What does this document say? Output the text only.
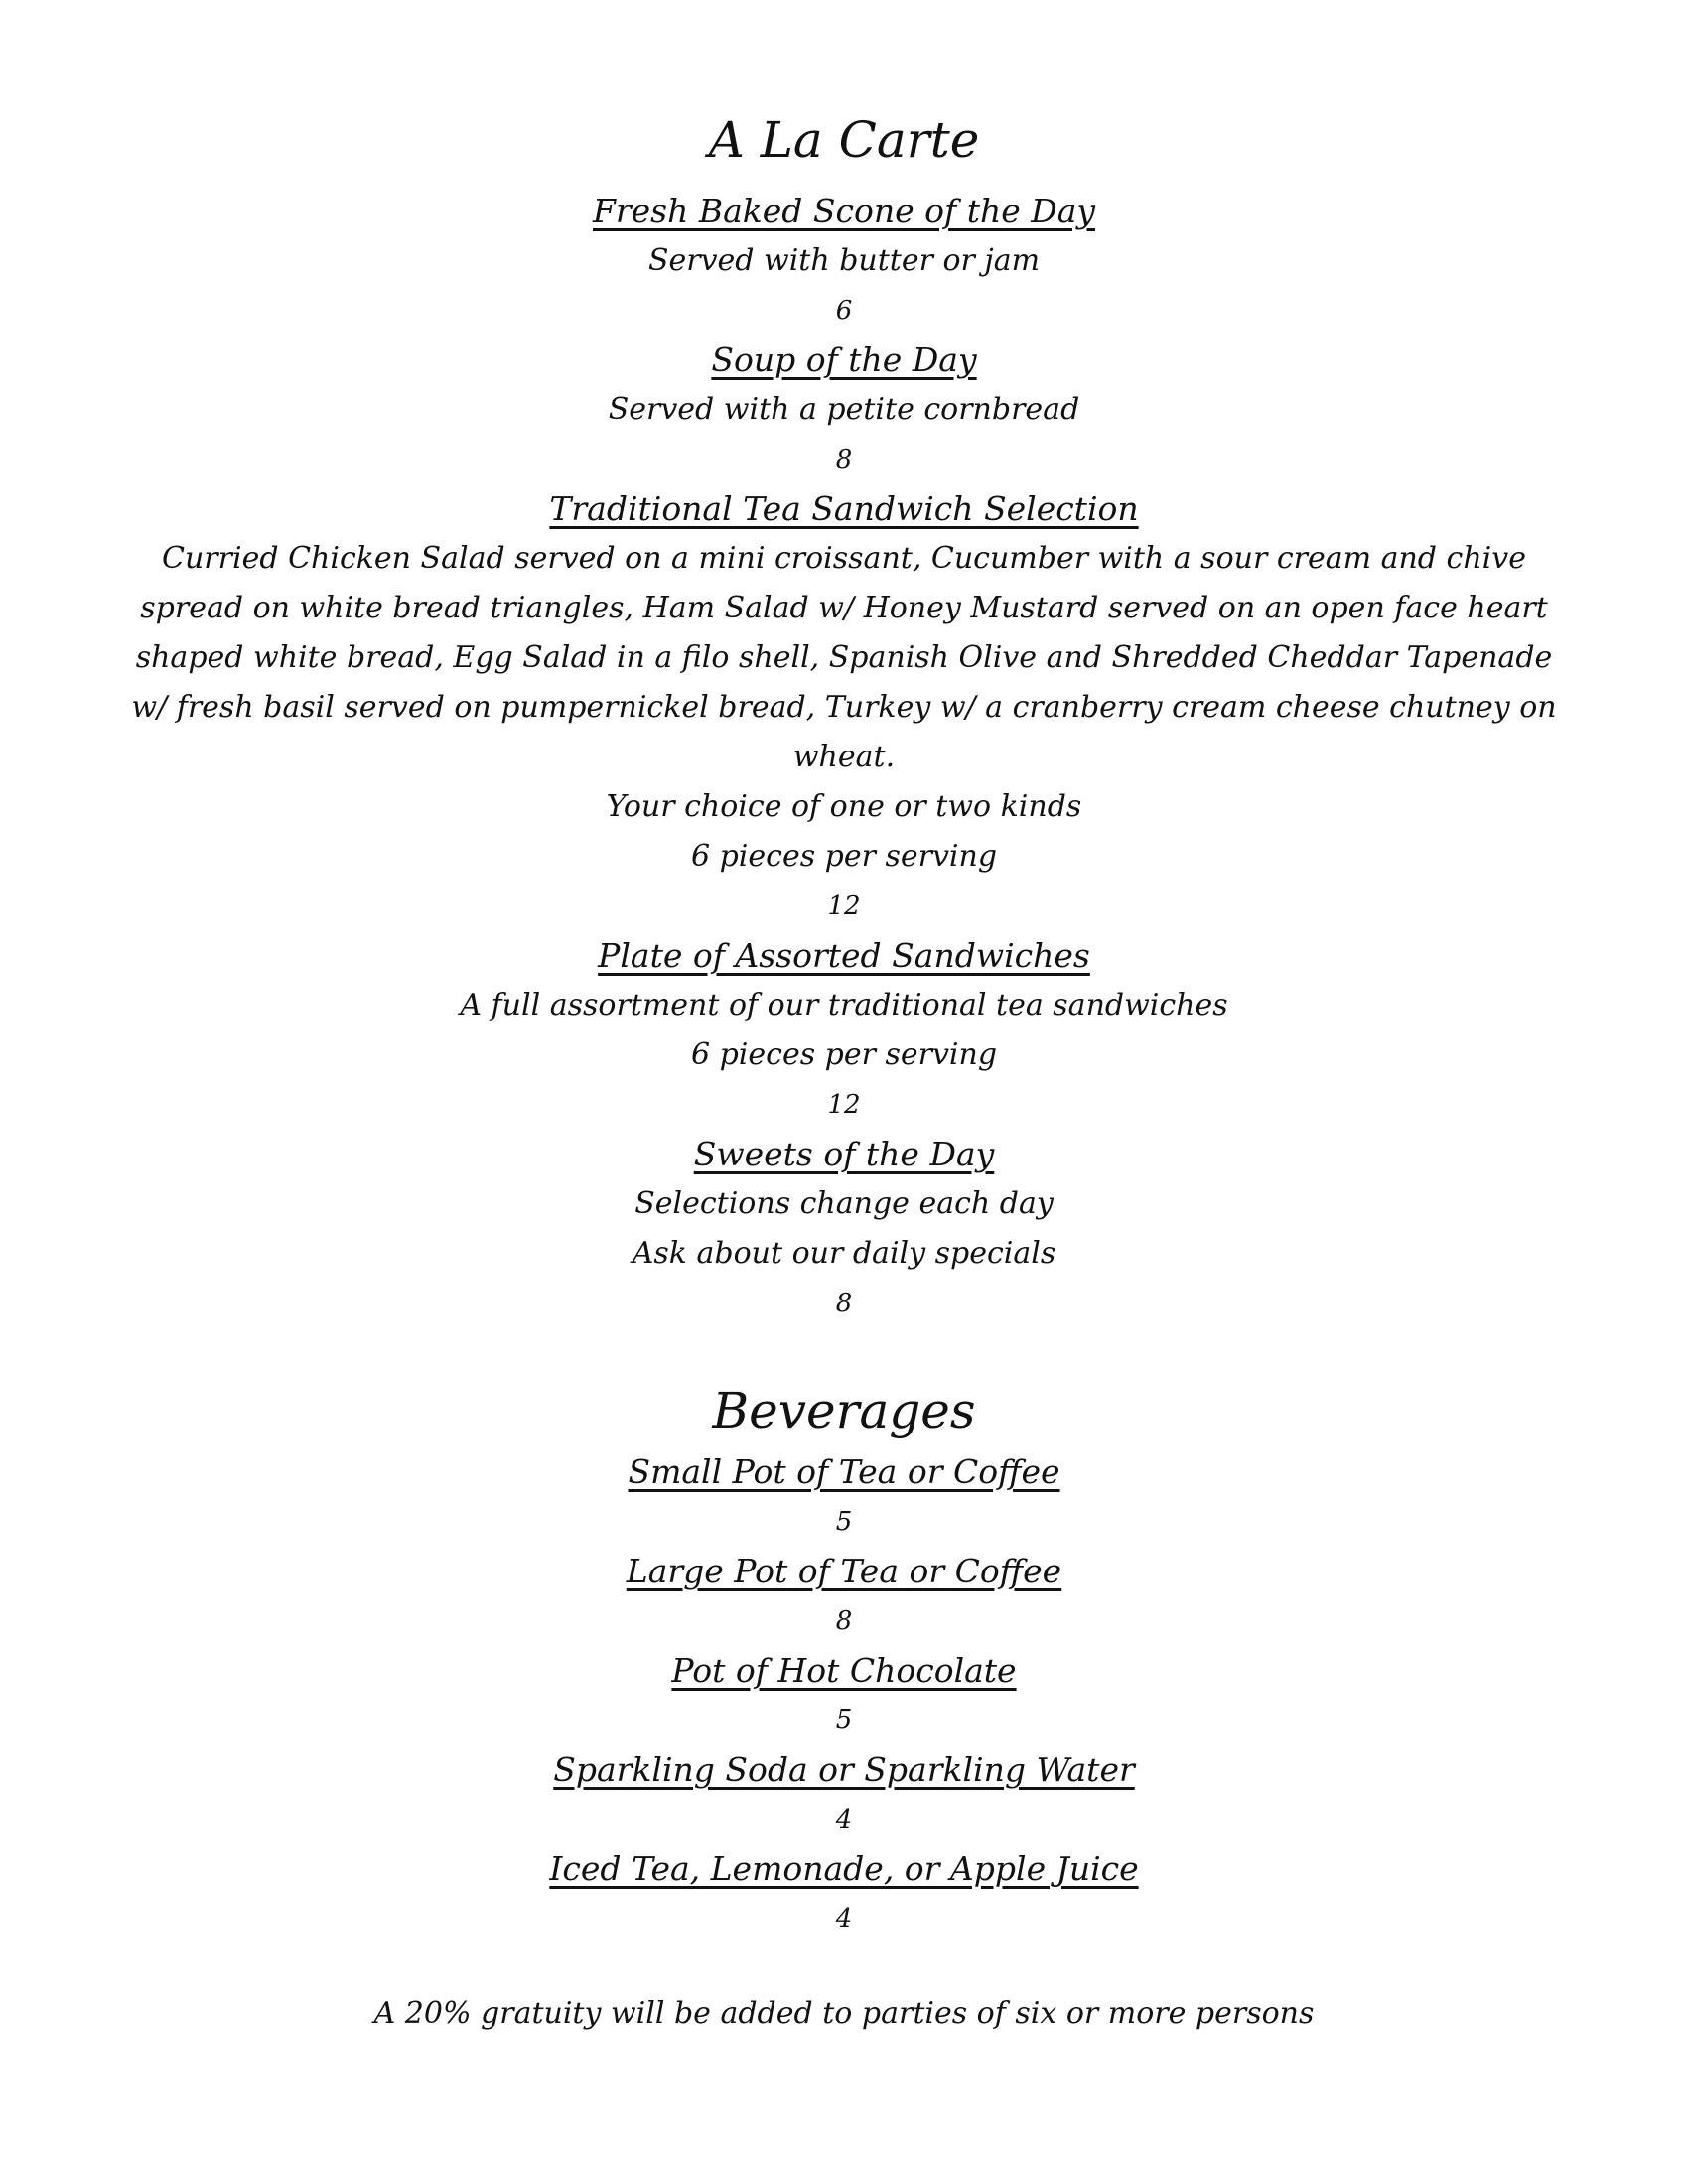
A La Carte
Fresh Baked Scone of the Day
Served with butter or jam
6
Soup of the Day
Served with a petite cornbread
8
Traditional Tea Sandwich Selection
Curried Chicken Salad served on a mini croissant, Cucumber with a sour cream and chive spread on white bread triangles, Ham Salad w/ Honey Mustard served on an open face heart shaped white bread, Egg Salad in a filo shell, Spanish Olive and Shredded Cheddar Tapenade w/ fresh basil served on pumpernickel bread, Turkey w/ a cranberry cream cheese chutney on wheat.
Your choice of one or two kinds
6 pieces per serving
12
Plate of Assorted Sandwiches
A full assortment of our traditional tea sandwiches
6 pieces per serving
12
Sweets of the Day
Selections change each day
Ask about our daily specials
8
Beverages
Small Pot of Tea or Coffee
5
Large Pot of Tea or Coffee
8
Pot of Hot Chocolate
5
Sparkling Soda or Sparkling Water
4
Iced Tea, Lemonade, or Apple Juice
4
A 20% gratuity will be added to parties of six or more persons
